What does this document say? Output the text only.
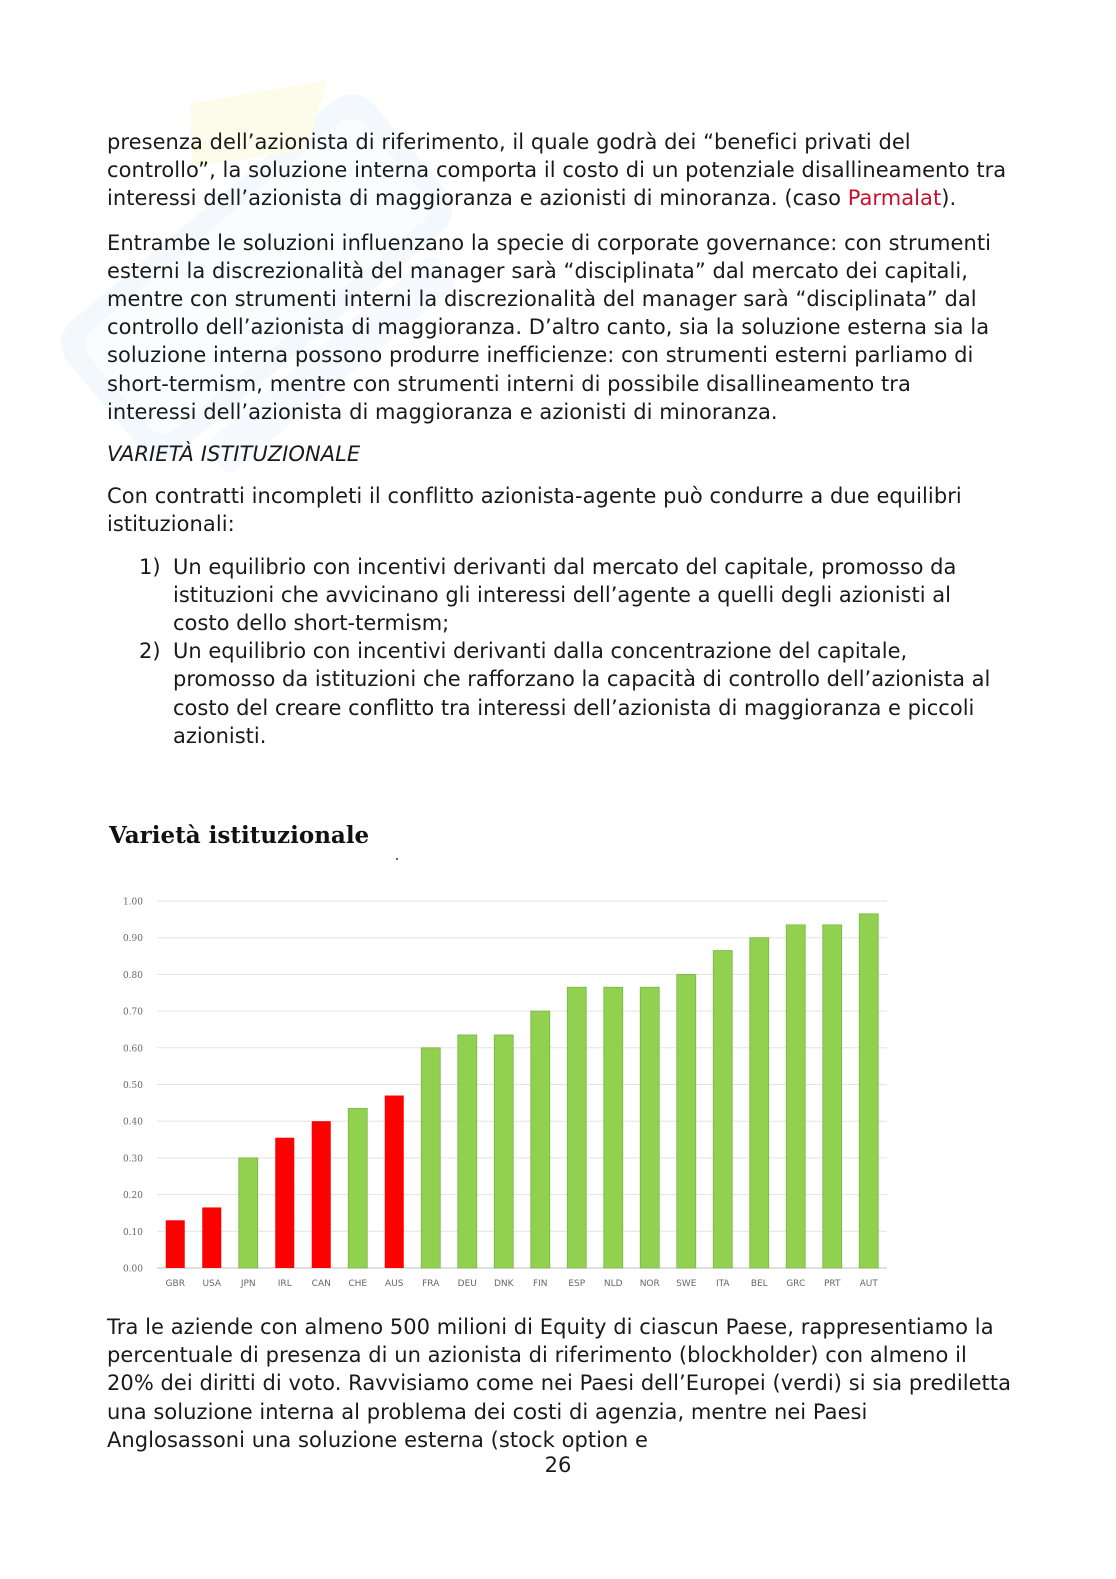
presenza dell’azionista di riferimento, il quale godrà dei “benefici privati del controllo”, la soluzione interna comporta il costo di un potenziale disallineamento tra interessi dell’azionista di maggioranza e azionisti di minoranza. (caso Parmalat).

Entrambe le soluzioni influenzano la specie di corporate governance: con strumenti esterni la discrezionalità del manager sarà “disciplinata” dal mercato dei capitali, mentre con strumenti interni la discrezionalità del manager sarà “disciplinata” dal controllo dell’azionista di maggioranza. D’altro canto, sia la soluzione esterna sia la soluzione interna possono produrre inefficienze: con strumenti esterni parliamo di short-termism, mentre con strumenti interni di possibile disallineamento tra interessi dell’azionista di maggioranza e azionisti di minoranza.

VARIETÀ ISTITUZIONALE

Con contratti incompleti il conflitto azionista-agente può condurre a due equilibri istituzionali:

1) Un equilibrio con incentivi derivanti dal mercato del capitale, promosso da istituzioni che avvicinano gli interessi dell’agente a quelli degli azionisti al costo dello short-termism;
2) Un equilibrio con incentivi derivanti dalla concentrazione del capitale, promosso da istituzioni che rafforzano la capacità di controllo dell’azionista al costo del creare conflitto tra interessi dell’azionista di maggioranza e piccoli azionisti.
Varietà istituzionale
0.00
0.10
0.20
0.30
0.40
0.50
0.60
0.70
0.80
0.90
1.00
GBR USA JPN IRL CAN CHE AUS FRA DEU DNK FIN ESP NLD NOR SWE ITA BEL GRC PRT AUT

Tra le aziende con almeno 500 milioni di Equity di ciascun Paese, rappresentiamo la percentuale di presenza di un azionista di riferimento (blockholder) con almeno il 20% dei diritti di voto. Ravvisiamo come nei Paesi dell’Europei (verdi) si sia prediletta una soluzione interna al problema dei costi di agenzia, mentre nei Paesi Anglosassoni una soluzione esterna (stock option e

26
